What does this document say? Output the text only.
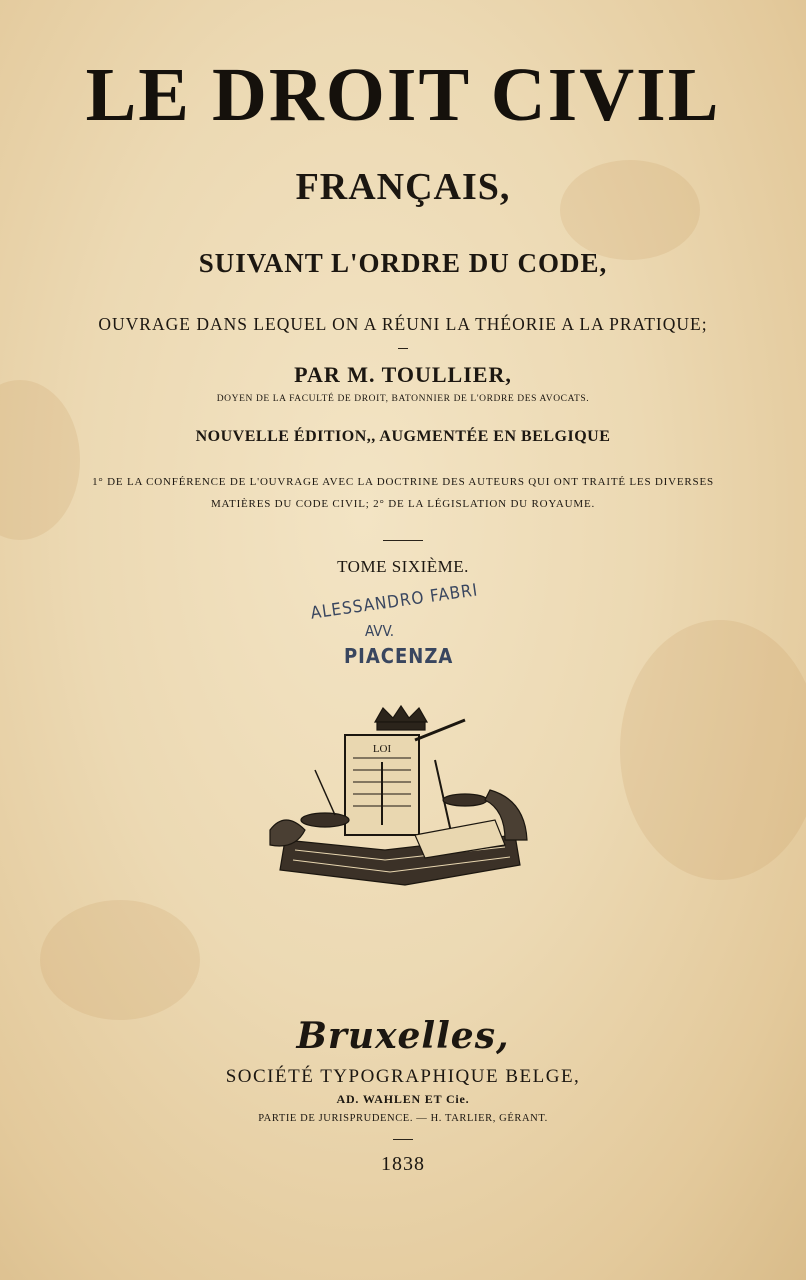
LE DROIT CIVIL
FRANÇAIS,
SUIVANT L'ORDRE DU CODE,
OUVRAGE DANS LEQUEL ON A RÉUNI LA THÉORIE A LA PRATIQUE;
PAR M. TOULLIER,
DOYEN DE LA FACULTÉ DE DROIT, BATONNIER DE L'ORDRE DES AVOCATS.
NOUVELLE ÉDITION,, AUGMENTÉE EN BELGIQUE
1° DE LA CONFÉRENCE DE L'OUVRAGE AVEC LA DOCTRINE DES AUTEURS QUI ONT TRAITÉ LES DIVERSES
MATIÈRES DU CODE CIVIL; 2° DE LA LÉGISLATION DU ROYAUME.
TOME SIXIÈME.
ALESSANDRO FABRI
AVV.
PIACENZA
LOI
Bruxelles,
SOCIÉTÉ TYPOGRAPHIQUE BELGE,
AD. WAHLEN ET Cie.
PARTIE DE JURISPRUDENCE. — H. TARLIER, GÉRANT.
1838
